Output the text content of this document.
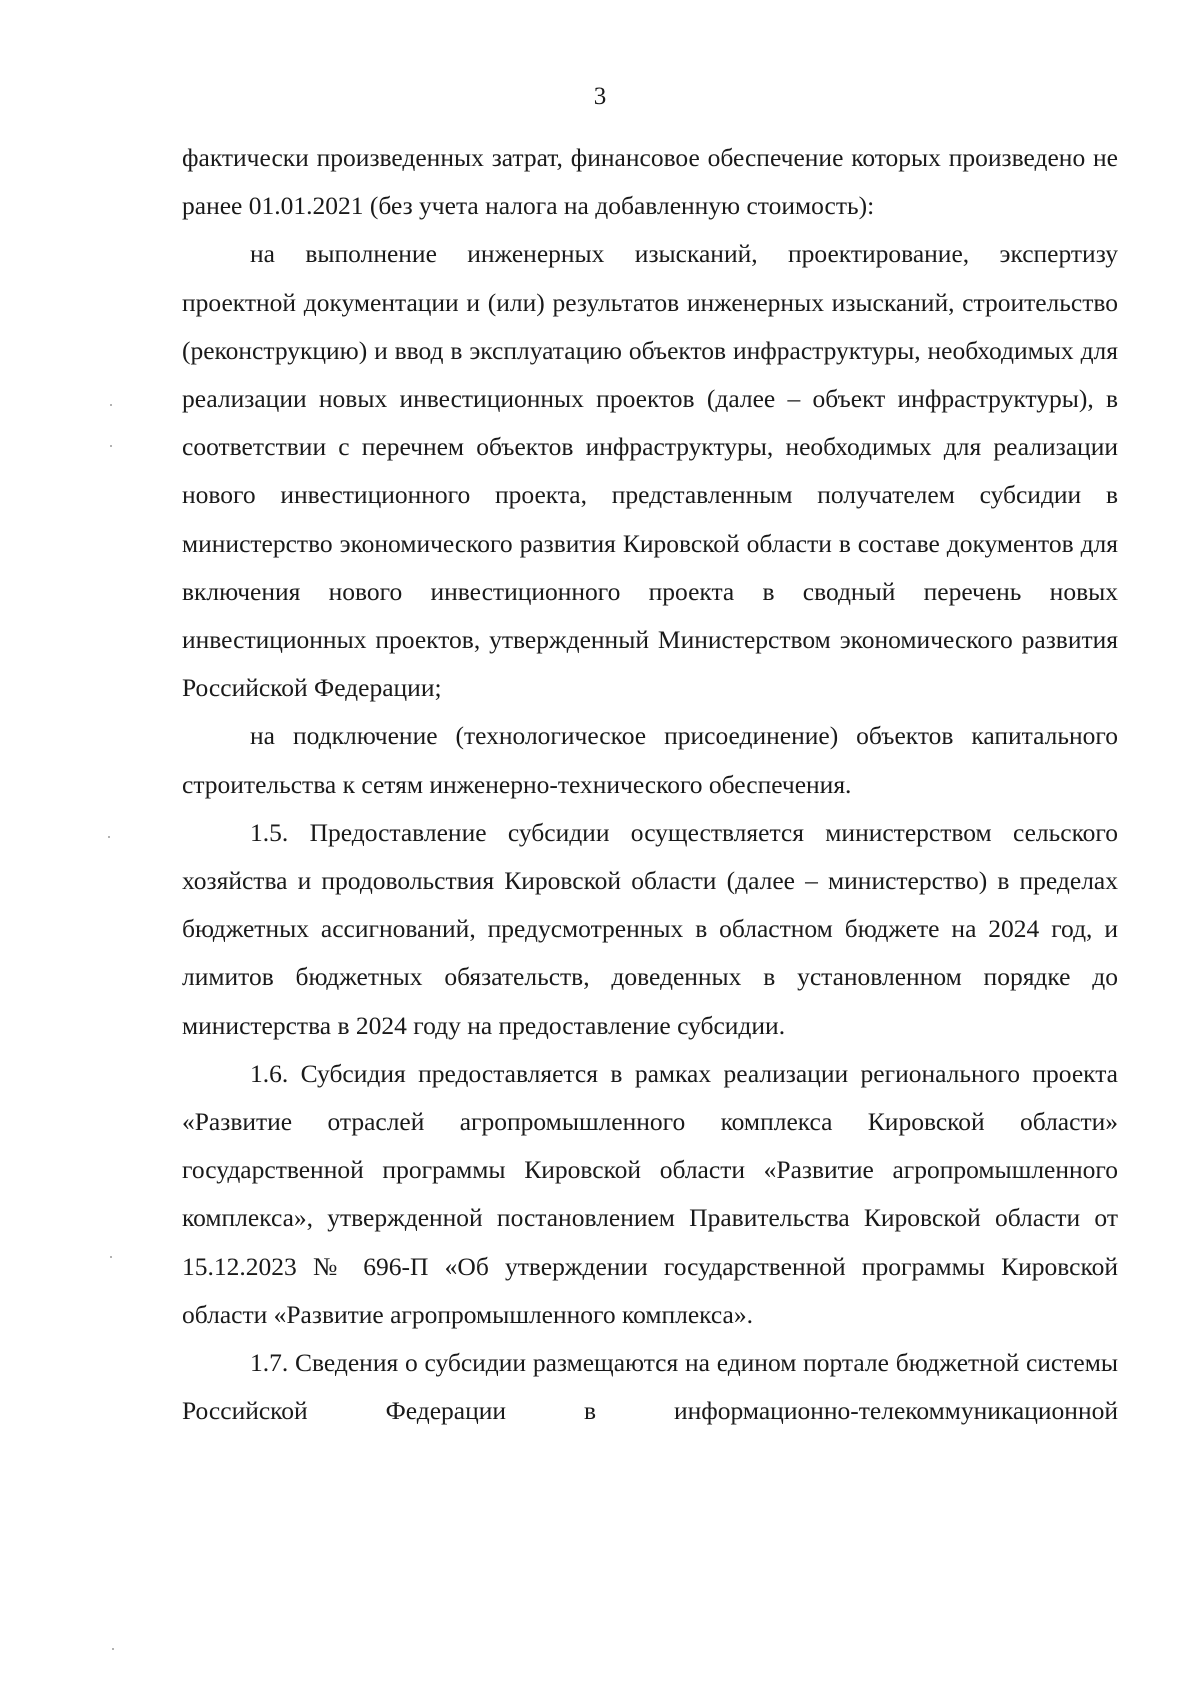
3

фактически произведенных затрат, финансовое обеспечение которых произведено не ранее 01.01.2021 (без учета налога на добавленную стоимость):

на выполнение инженерных изысканий, проектирование, экспертизу проектной документации и (или) результатов инженерных изысканий, строительство (реконструкцию) и ввод в эксплуатацию объектов инфраструктуры, необходимых для реализации новых инвестиционных проектов (далее – объект инфраструктуры), в соответствии с перечнем объектов инфраструктуры, необходимых для реализации нового инвестиционного проекта, представленным получателем субсидии в министерство экономического развития Кировской области в составе документов для включения нового инвестиционного проекта в сводный перечень новых инвестиционных проектов, утвержденный Министерством экономического развития Российской Федерации;

на подключение (технологическое присоединение) объектов капитального строительства к сетям инженерно-технического обеспечения.

1.5. Предоставление субсидии осуществляется министерством сельского хозяйства и продовольствия Кировской области (далее – министерство) в пределах бюджетных ассигнований, предусмотренных в областном бюджете на 2024 год, и лимитов бюджетных обязательств, доведенных в установленном порядке до министерства в 2024 году на предоставление субсидии.

1.6. Субсидия предоставляется в рамках реализации регионального проекта «Развитие отраслей агропромышленного комплекса Кировской области» государственной программы Кировской области «Развитие агропромышленного комплекса», утвержденной постановлением Правительства Кировской области от 15.12.2023 № 696-П «Об утверждении государственной программы Кировской области «Развитие агропромышленного комплекса».

1.7. Сведения о субсидии размещаются на едином портале бюджетной системы Российской Федерации в информационно-телекоммуникационной
